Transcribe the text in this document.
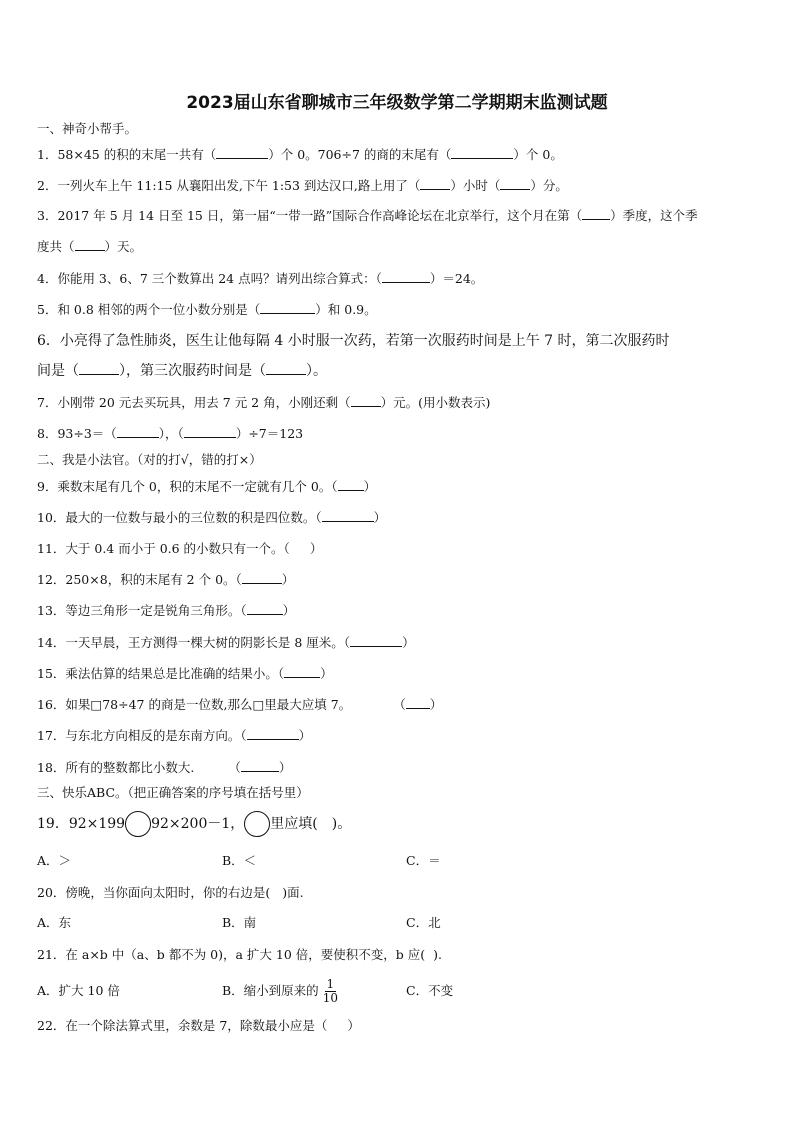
2023届山东省聊城市三年级数学第二学期期末监测试题
一、神奇小帮手。
1．58×45 的积的末尾一共有（	）个 0。706÷7 的商的末尾有（	）个 0。
2．一列火车上午 11:15 从襄阳出发,下午 1:53 到达汉口,路上用了（ ）小时（ ）分。
3．2017 年 5 月 14 日至 15 日，第一届“一带一路”国际合作高峰论坛在北京举行，这个月在第（ ）季度，这个季
度共（ ）天。
4．你能用 3、6、7 三个数算出 24 点吗？请列出综合算式：（	）＝24。
5．和 0.8 相邻的两个一位小数分别是（	）和 0.9。
6．小亮得了急性肺炎，医生让他每隔 4 小时服一次药，若第一次服药时间是上午 7 时，第二次服药时
间是（	），第三次服药时间是（	）。
7．小刚带 20 元去买玩具，用去 7 元 2 角，小刚还剩（ ）元。(用小数表示)
8．93÷3＝（	），（	）÷7＝123
二、我是小法官。（对的打√，错的打×）
9．乘数末尾有几个 0，积的末尾不一定就有几个 0。（ ）
10．最大的一位数与最小的三位数的积是四位数。（	）
11．大于 0.4 而小于 0.6 的小数只有一个。（ ）
12．250×8，积的末尾有 2 个 0。（	）
13．等边三角形一定是锐角三角形。（	）
14．一天早晨，王方测得一棵大树的阴影长是 8 厘米。（	）
15．乘法估算的结果总是比准确的结果小。（	）
16．如果□78÷47 的商是一位数,那么□里最大应填 7。	（ ）
17．与东北方向相反的是东南方向。（	）
18．所有的整数都比小数大.	（	）
三、快乐ABC。（把正确答案的序号填在括号里）
19．92×199 92×200－1， 里应填( )。
A．＞	B．＜	C．＝
20．傍晚，当你面向太阳时，你的右边是( )面.
A．东	B．南	C．北
21．在 a×b 中（a、b 都不为 0)，a 扩大 10 倍，要使积不变，b 应( ).
A．扩大 10 倍	B．缩小到原来的 $\frac{1}{10}$	C．不变
22．在一个除法算式里，余数是 7，除数最小应是（ ）
